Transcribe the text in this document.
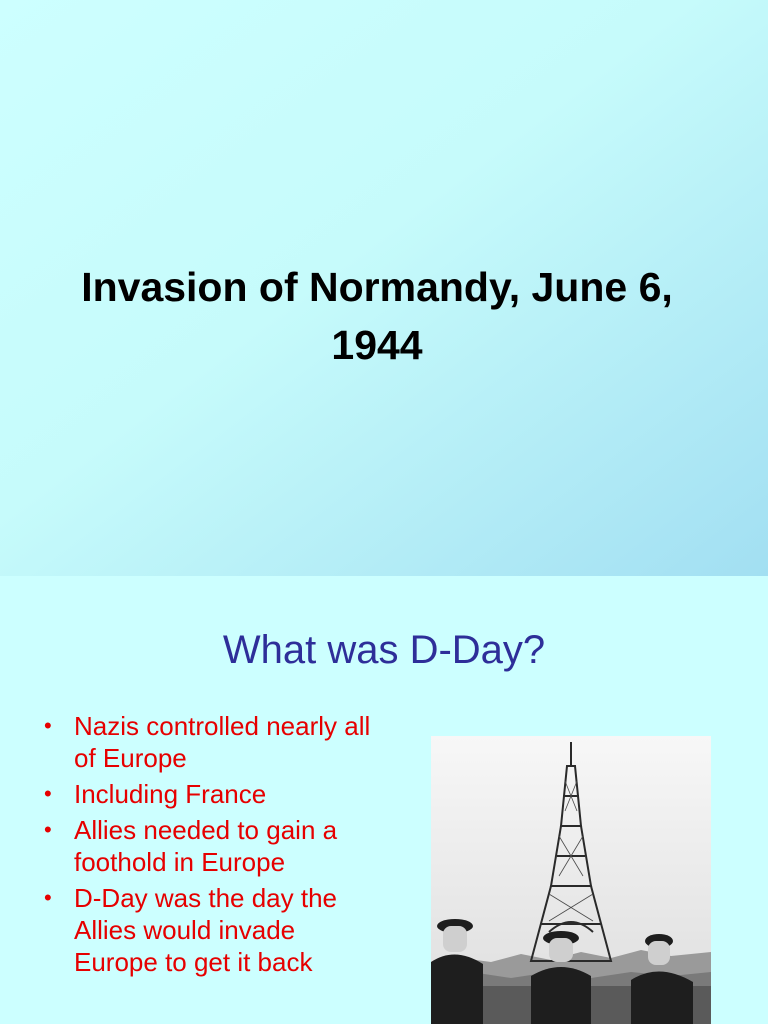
Invasion of Normandy, June 6, 1944
What was D-Day?
• Nazis controlled nearly all of Europe
• Including France
• Allies needed to gain a foothold in Europe
• D-Day was the day the Allies would invade Europe to get it back
